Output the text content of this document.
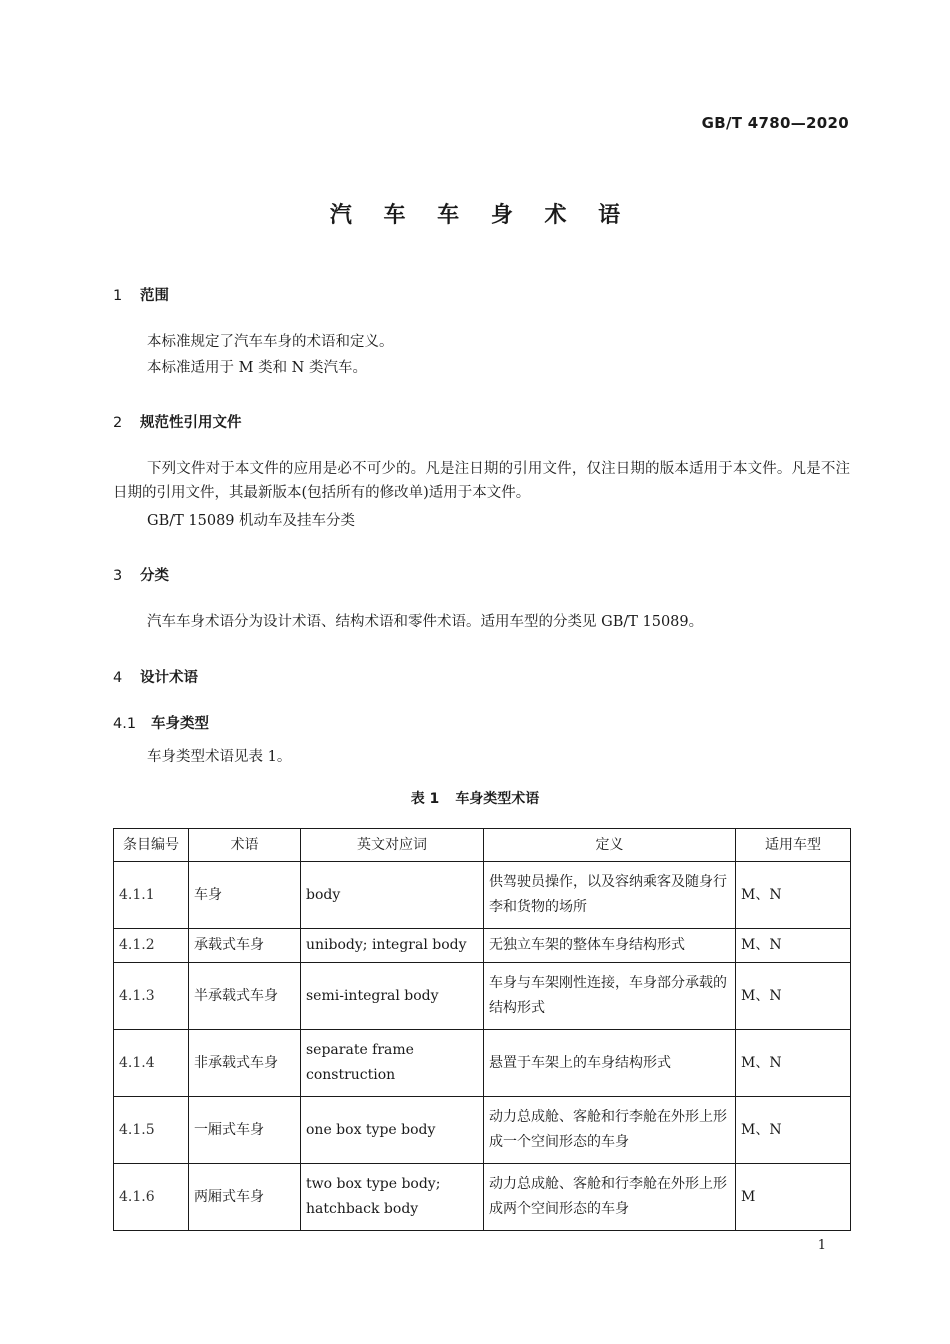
GB/T 4780—2020
汽 车 车 身 术 语
1 范围
本标准规定了汽车车身的术语和定义。
本标准适用于 M 类和 N 类汽车。
2 规范性引用文件
下列文件对于本文件的应用是必不可少的。凡是注日期的引用文件，仅注日期的版本适用于本文件。凡是不注日期的引用文件，其最新版本(包括所有的修改单)适用于本文件。
GB/T 15089 机动车及挂车分类
3 分类
汽车车身术语分为设计术语、结构术语和零件术语。适用车型的分类见 GB/T 15089。
4 设计术语
4.1 车身类型
车身类型术语见表 1。
表 1 车身类型术语
条目编号	术语	英文对应词	定义	适用车型
4.1.1	车身	body	供驾驶员操作，以及容纳乘客及随身行李和货物的场所	M、N
4.1.2	承载式车身	unibody; integral body	无独立车架的整体车身结构形式	M、N
4.1.3	半承载式车身	semi-integral body	车身与车架刚性连接，车身部分承载的结构形式	M、N
4.1.4	非承载式车身	separate frame construction	悬置于车架上的车身结构形式	M、N
4.1.5	一厢式车身	one box type body	动力总成舱、客舱和行李舱在外形上形成一个空间形态的车身	M、N
4.1.6	两厢式车身	two box type body; hatchback body	动力总成舱、客舱和行李舱在外形上形成两个空间形态的车身	M
1
